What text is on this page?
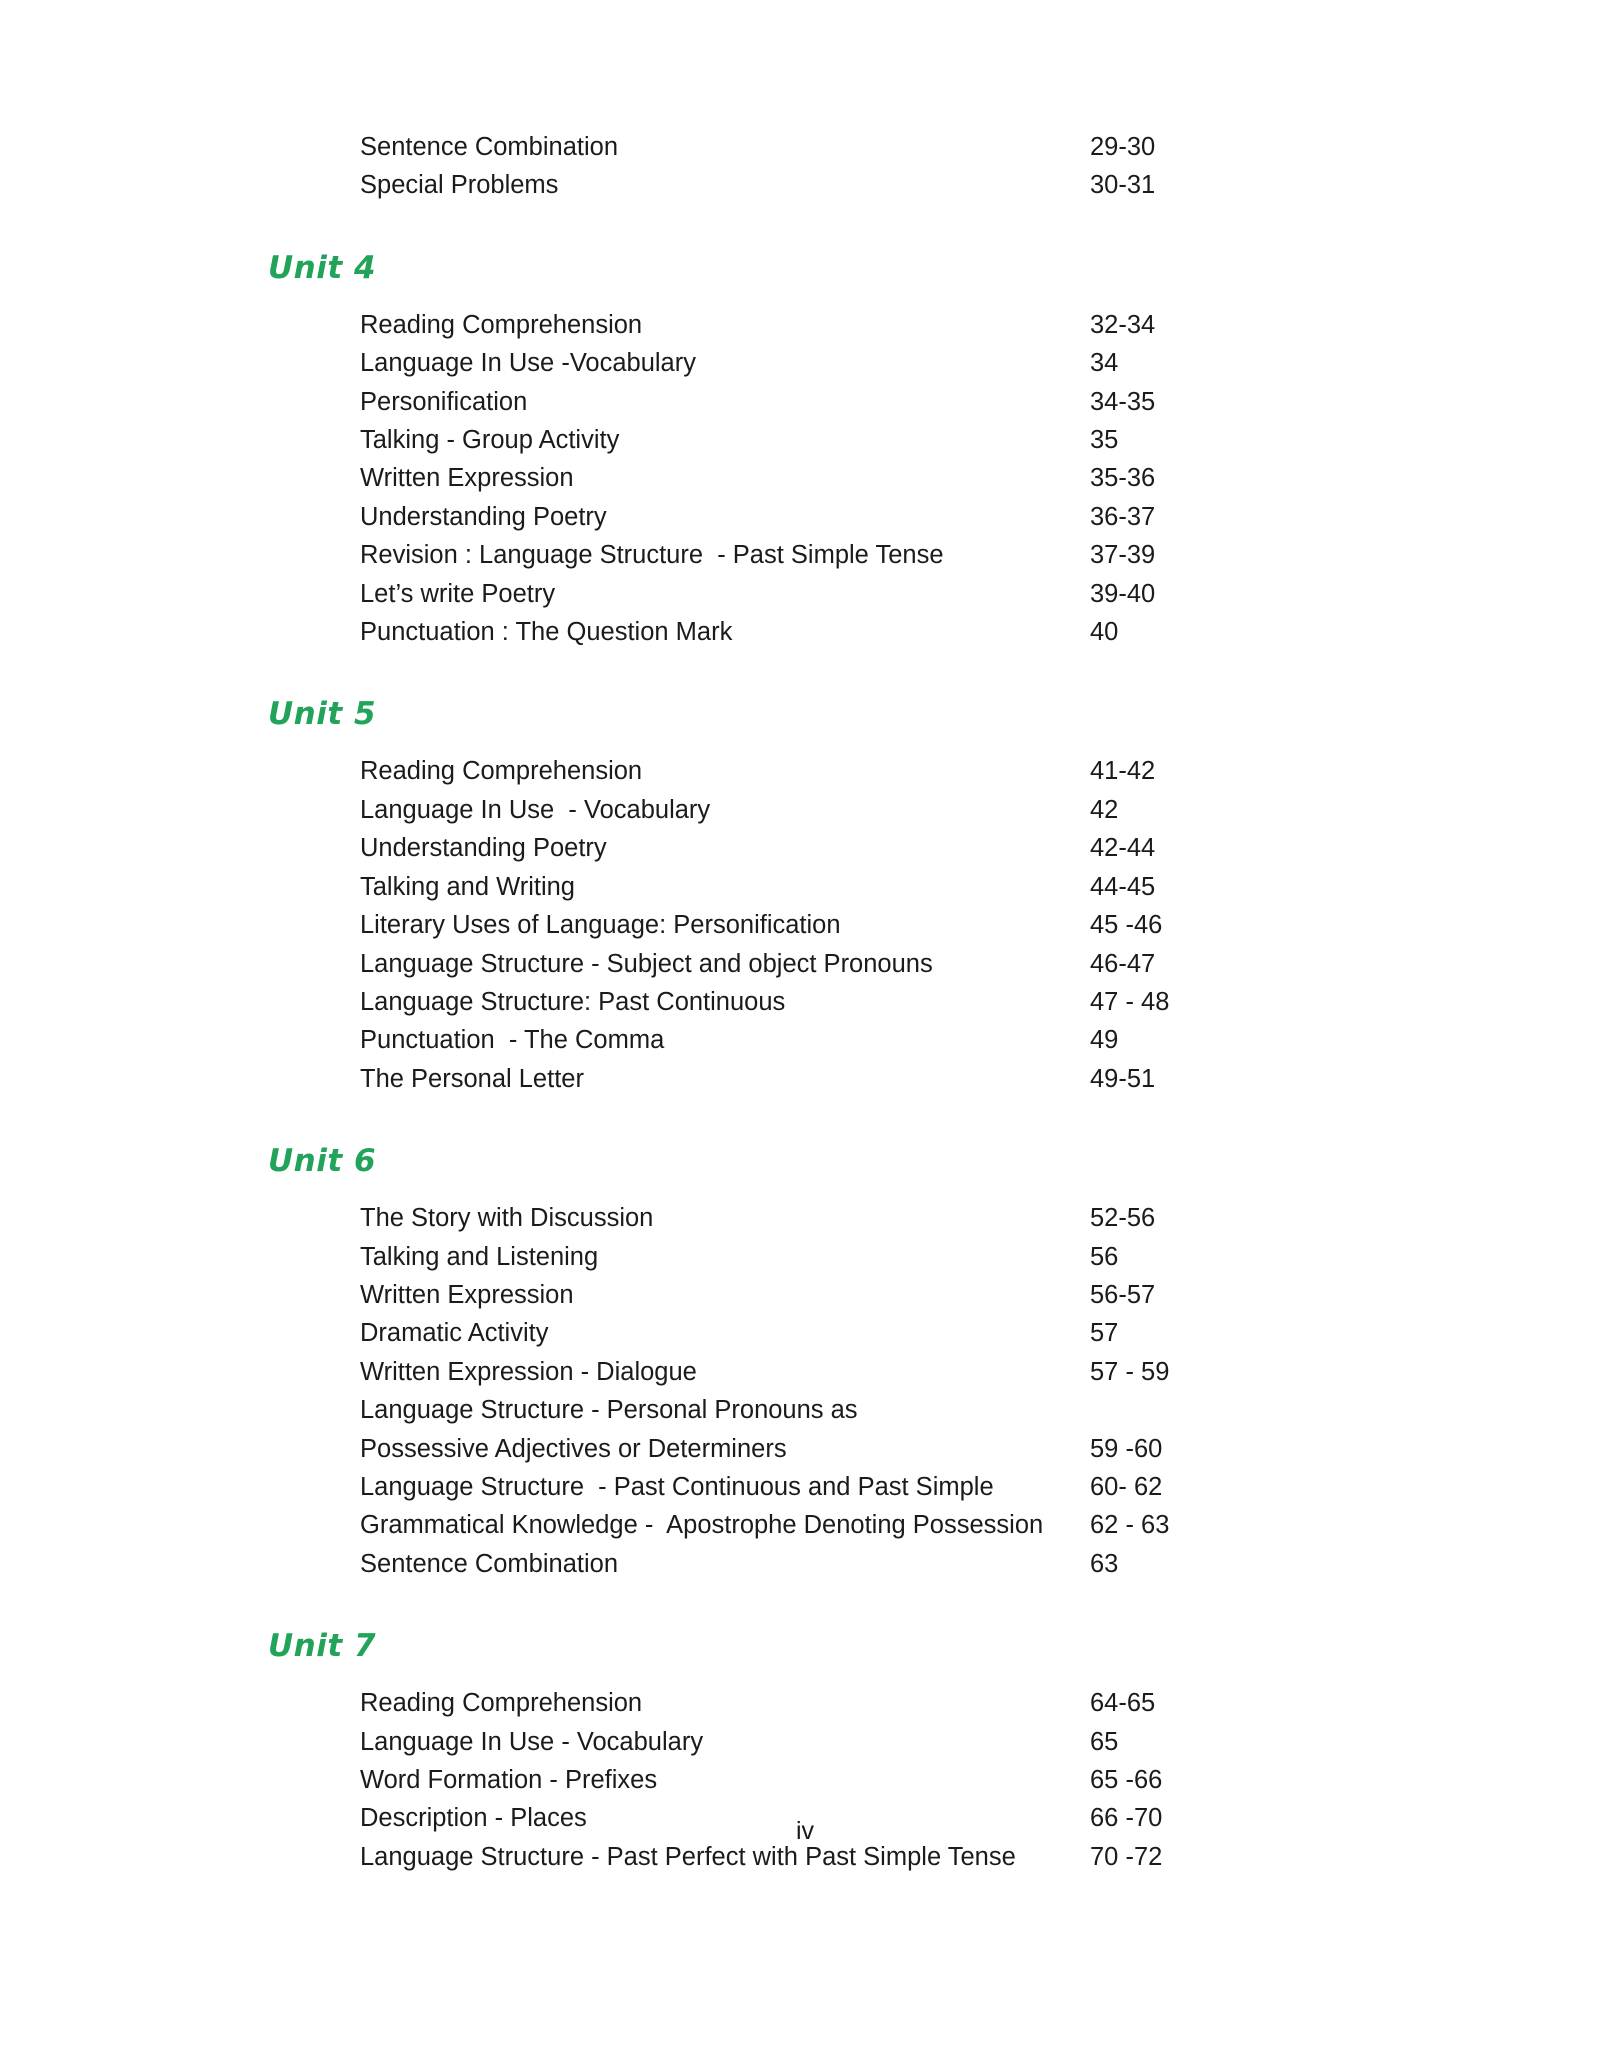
Sentence Combination	29-30
Special Problems	30-31
Unit 4
Reading Comprehension	32-34
Language In Use -Vocabulary	34
Personification	34-35
Talking - Group Activity	35
Written Expression	35-36
Understanding Poetry	36-37
Revision : Language Structure  - Past Simple Tense	37-39
Let’s write Poetry	39-40
Punctuation : The Question Mark	40
Unit 5
Reading Comprehension	41-42
Language In Use  - Vocabulary	42
Understanding Poetry	42-44
Talking and Writing	44-45
Literary Uses of Language: Personification	45 -46
Language Structure - Subject and object Pronouns	46-47
Language Structure: Past Continuous	47 - 48
Punctuation  - The Comma	49
The Personal Letter	49-51
Unit 6
The Story with Discussion	52-56
Talking and Listening	56
Written Expression	56-57
Dramatic Activity	57
Written Expression - Dialogue	57 - 59
Language Structure - Personal Pronouns as
Possessive Adjectives or Determiners	59 -60
Language Structure  - Past Continuous and Past Simple	60- 62
Grammatical Knowledge -  Apostrophe Denoting Possession	62 - 63
Sentence Combination	63
Unit 7
Reading Comprehension	64-65
Language In Use - Vocabulary	65
Word Formation - Prefixes	65 -66
Description - Places	66 -70
Language Structure - Past Perfect with Past Simple Tense	70 -72
iv
